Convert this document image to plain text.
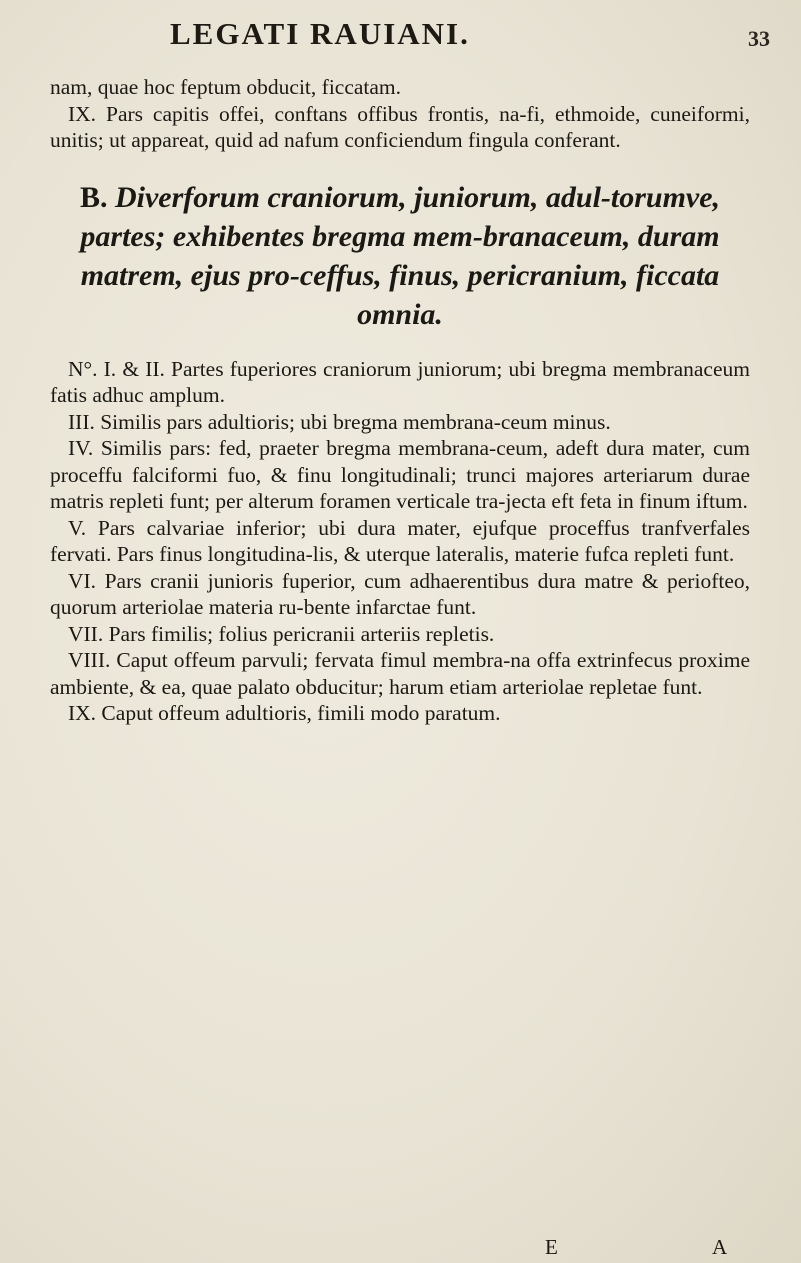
LEGATI RAUIANI.	33

nam, quae hoc feptum obducit, ficcatam.

IX. Pars capitis offei, conftans offibus frontis, na-fi, ethmoide, cuneiformi, unitis; ut appareat, quid ad nafum conficiendum fingula conferant.

B. Diverforum craniorum, juniorum, adul-torumve, partes; exhibentes bregma mem-branaceum, duram matrem, ejus pro-ceffus, finus, pericranium, ficcata omnia.

N°. I. & II. Partes fuperiores craniorum juniorum; ubi bregma membranaceum fatis adhuc amplum.

III. Similis pars adultioris; ubi bregma membrana-ceum minus.

IV. Similis pars: fed, praeter bregma membrana-ceum, adeft dura mater, cum proceffu falciformi fuo, & finu longitudinali; trunci majores arteriarum durae matris repleti funt; per alterum foramen verticale tra-jecta eft feta in finum iftum.

V. Pars calvariae inferior; ubi dura mater, ejufque proceffus tranfverfales fervati. Pars finus longitudina-lis, & uterque lateralis, materie fufca repleti funt.

VI. Pars cranii junioris fuperior, cum adhaerentibus dura matre & periofteo, quorum arteriolae materia ru-bente infarctae funt.

VII. Pars fimilis; folius pericranii arteriis repletis.

VIII. Caput offeum parvuli; fervata fimul membra-na offa extrinfecus proxime ambiente, & ea, quae palato obducitur; harum etiam arteriolae repletae funt.

IX. Caput offeum adultioris, fimili modo paratum.

E	A
